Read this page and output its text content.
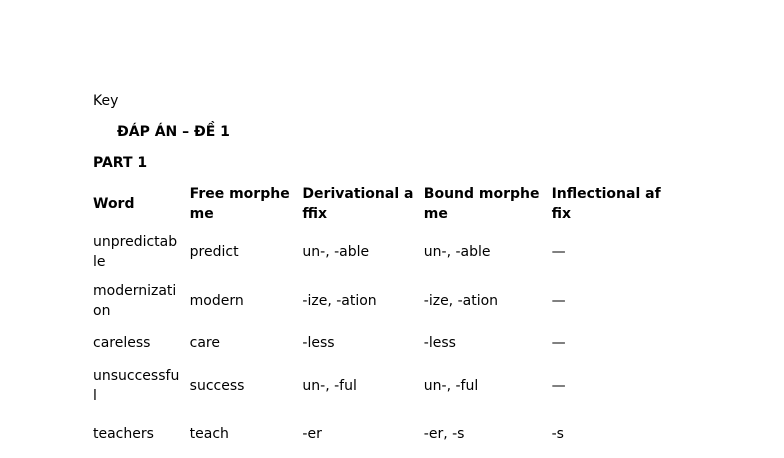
Key
ĐÁP ÁN – ĐỀ 1
PART 1
Word	Free morpheme	Derivational affix	Bound morpheme	Inflectional affix
unpredictable	predict	un-, -able	un-, -able	—
modernization	modern	-ize, -ation	-ize, -ation	—
careless	care	-less	-less	—
unsuccessful	success	un-, -ful	un-, -ful	—
teachers	teach	-er	-er, -s	-s
